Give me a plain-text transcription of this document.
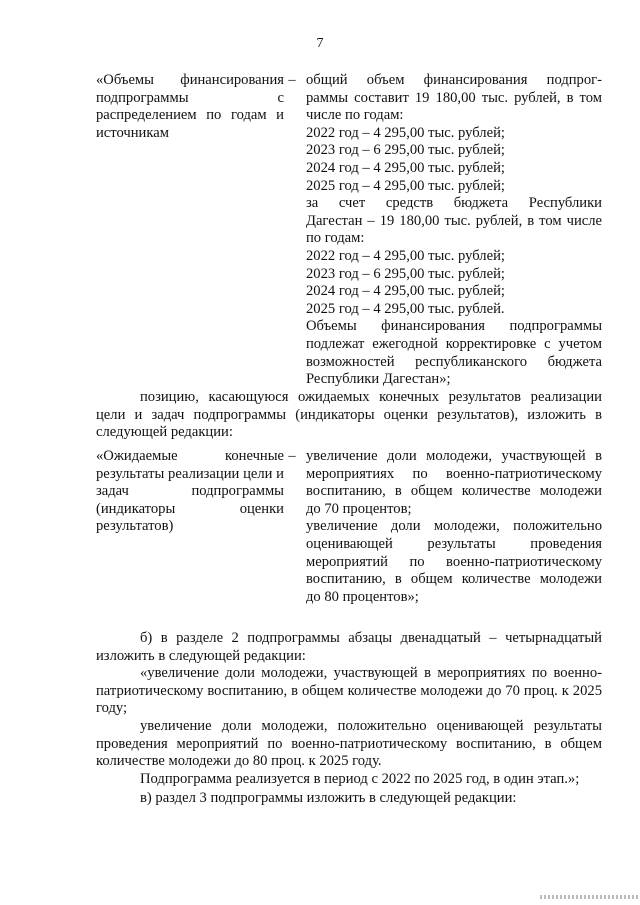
7
«Объемы финансирования подпрограммы с распределением по годам и источникам
– общий объем финансирования подпрог-
раммы составит 19 180,00 тыс. рублей, в том
числе по годам:
2022 год – 4 295,00 тыс. рублей;
2023 год – 6 295,00 тыс. рублей;
2024 год – 4 295,00 тыс. рублей;
2025 год – 4 295,00 тыс. рублей;
за счет средств бюджета Республики
Дагестан – 19 180,00 тыс. рублей, в том числе
по годам:
2022 год – 4 295,00 тыс. рублей;
2023 год – 6 295,00 тыс. рублей;
2024 год – 4 295,00 тыс. рублей;
2025 год – 4 295,00 тыс. рублей.
Объемы финансирования подпрограммы
подлежат ежегодной корректировке с учетом
возможностей республиканского бюджета
Республики Дагестан»;
позицию, касающуюся ожидаемых конечных результатов реализации цели и задач подпрограммы (индикаторы оценки результатов), изложить в следующей редакции:
«Ожидаемые конечные результаты реализации цели и задач подпрограммы (индикаторы оценки результатов)
– увеличение доли молодежи, участвующей в
мероприятиях по военно-патриотическому
воспитанию, в общем количестве молодежи
до 70 процентов;
увеличение доли молодежи, положительно
оценивающей результаты проведения
мероприятий по военно-патриотическому
воспитанию, в общем количестве молодежи
до 80 процентов»;
б) в разделе 2 подпрограммы абзацы двенадцатый – четырнадцатый изложить в следующей редакции:
«увеличение доли молодежи, участвующей в мероприятиях по военно-патриотическому воспитанию, в общем количестве молодежи до 70 проц. к 2025 году;
увеличение доли молодежи, положительно оценивающей результаты проведения мероприятий по военно-патриотическому воспитанию, в общем количестве молодежи до 80 проц. к 2025 году.
Подпрограмма реализуется в период с 2022 по 2025 год, в один этап.»;
в) раздел 3 подпрограммы изложить в следующей редакции:
